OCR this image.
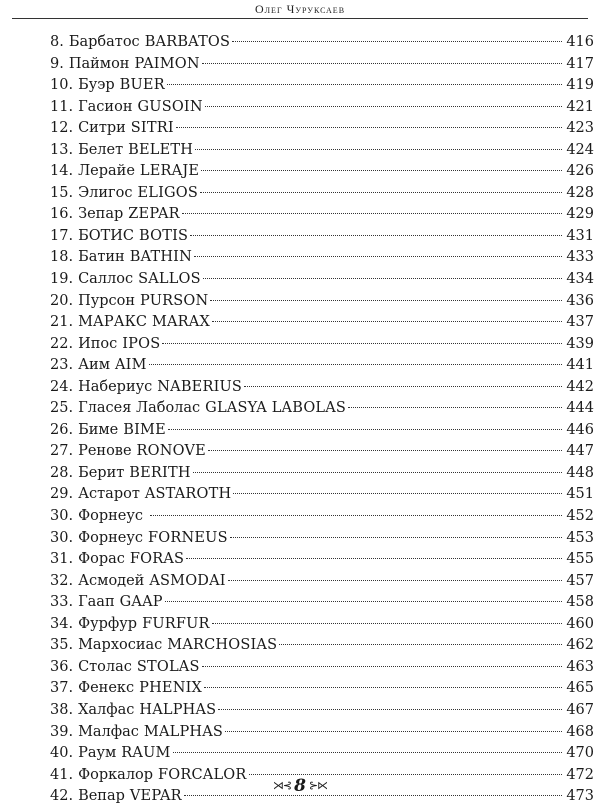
Олег Чуруксаев
8. Барбатос BARBATOS	416
9. Паймон PAIMON	417
10. Буэр BUER	419
11. Гасион GUSOIN	421
12. Ситри SITRI	423
13. Белет BELETH	424
14. Лерайе LERAJE	426
15. Элигос ELIGOS	428
16. Зепар ZEPAR	429
17. БОТИС BOTIS	431
18. Батин BATHIN	433
19. Саллос SALLOS	434
20. Пурсон PURSON	436
21. МАРАКС MARAX	437
22. Ипос IPOS	439
23. Аим AIM	441
24. Набериус NABERIUS	442
25. Гласея Лаболас GLASYA LABOLAS	444
26. Биме BIME	446
27. Ренове RONOVE	447
28. Берит BERITH	448
29. Астарот ASTAROTH	451
30. Форнеус	452
30. Форнеус FORNEUS	453
31. Форас FORAS	455
32. Асмодей ASMODAI	457
33. Гаап GAAP	458
34. Фурфур FURFUR	460
35. Мархосиас MARCHOSIAS	462
36. Столас STOLAS	463
37. Фенекс PHENIX	465
38. Халфас HALPHAS	467
39. Малфас MALPHAS	468
40. Раум RAUM	470
41. Форкалор FORCALOR	472
42. Вепар VEPAR	473
⋊⊰ 8 ⊱⋉
